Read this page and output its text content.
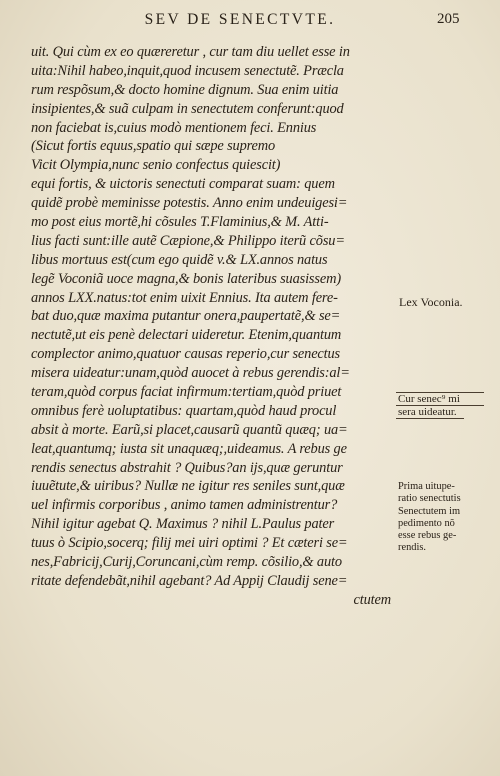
SEV DE SENECTVTE.	205
uit. Qui cùm ex eo quæreretur , cur tam diu uellet esse in
uita:Nihil habeo,inquit,quod incusem senectutẽ. Præcla
rum respõsum,& docto homine dignum. Sua enim uitia
insipientes,& suã culpam in senectutem conferunt:quod
non faciebat is,cuius modò mentionem feci. Ennius
(Sicut fortis equus,spatio qui sæpe supremo
Vicit Olympia,nunc senio confectus quiescit)
equi fortis, & uictoris senectuti comparat suam: quem
quidẽ probè meminisse potestis. Anno enim undeuigesi=
mo post eius mortẽ,hi cõsules T.Flaminius,& M. Atti-
lius facti sunt:ille autẽ Cæpione,& Philippo iterũ cõsu=
libus mortuus est(cum ego quidẽ v.& LX.annos natus
legẽ Voconiã uoce magna,& bonis lateribus suasissem)
annos LXX.natus:tot enim uixit Ennius. Ita autem fere-
bat duo,quæ maxima putantur onera,paupertatẽ,& se=
nectutẽ,ut eis penè delectari uideretur. Etenim,quantum
complector animo,quatuor causas reperio,cur senectus
misera uideatur:unam,quòd auocet à rebus gerendis:al=
teram,quòd corpus faciat infirmum:tertiam,quòd priuet
omnibus ferè uoluptatibus: quartam,quòd haud procul
absit à morte. Earũ,si placet,causarũ quantũ quæq; ua=
leat,quantumq; iusta sit unaquæq;,uideamus. A rebus ge
rendis senectus abstrahit ? Quibus?an ijs,quæ geruntur
iuuẽtute,& uiribus? Nullæ ne igitur res seniles sunt,quæ
uel infirmis corporibus , animo tamen administrentur?
Nihil igitur agebat Q. Maximus ? nihil L.Paulus pater
tuus ò Scipio,socerq; filij mei uiri optimi ? Et cæteri se=
nes,Fabricij,Curij,Coruncani,cùm remp. cõsilio,& auto
ritate defendebãt,nihil agebant? Ad Appij Claudij sene=
ctutem
Lex Voconia.
Cur senec⁹ mi
sera uideatur.
Prima uitupe-
ratio senectutis
Senectutem im
pedimento nõ
esse rebus ge-
rendis.
